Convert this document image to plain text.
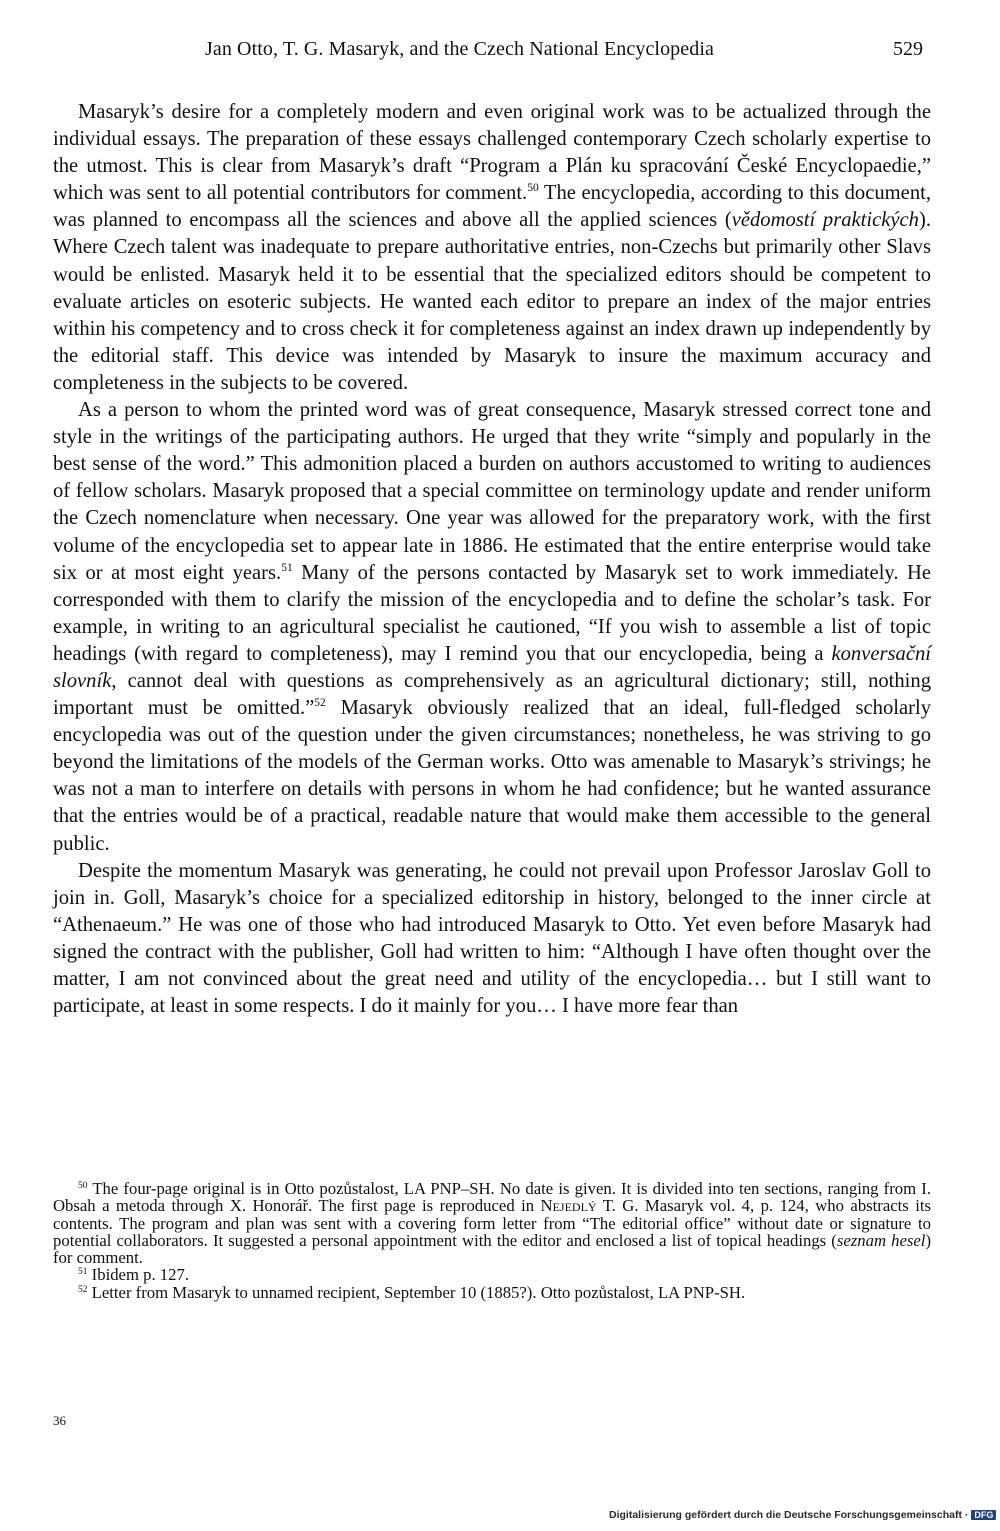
Jan Otto, T. G. Masaryk, and the Czech National Encyclopedia	529

Masaryk’s desire for a completely modern and even original work was to be actualized through the individual essays. The preparation of these essays challenged contemporary Czech scholarly expertise to the utmost. This is clear from Masaryk’s draft “Program a Plán ku spracování České Encyclopaedie,” which was sent to all potential contributors for comment.$^{50}$ The encyclopedia, according to this document, was planned to encompass all the sciences and above all the applied sciences (vědomostí praktických). Where Czech talent was inadequate to prepare authoritative entries, non-Czechs but primarily other Slavs would be enlisted. Masaryk held it to be essential that the specialized editors should be competent to evaluate articles on esoteric subjects. He wanted each editor to prepare an index of the major entries within his competency and to cross check it for completeness against an index drawn up independently by the editorial staff. This device was intended by Masaryk to insure the maximum accuracy and completeness in the subjects to be covered.

As a person to whom the printed word was of great consequence, Masaryk stressed correct tone and style in the writings of the participating authors. He urged that they write “simply and popularly in the best sense of the word.” This admonition placed a burden on authors accustomed to writing to audiences of fellow scholars. Masaryk proposed that a special committee on terminology update and render uniform the Czech nomenclature when necessary. One year was allowed for the preparatory work, with the first volume of the encyclopedia set to appear late in 1886. He estimated that the entire enterprise would take six or at most eight years.$^{51}$ Many of the persons contacted by Masaryk set to work immediately. He corresponded with them to clarify the mission of the encyclopedia and to define the scholar’s task. For example, in writing to an agricultural specialist he cautioned, “If you wish to assemble a list of topic headings (with regard to completeness), may I remind you that our encyclopedia, being a konversační slovník, cannot deal with questions as comprehensively as an agricultural dictionary; still, nothing important must be omitted.”$^{52}$ Masaryk obviously realized that an ideal, full-fledged scholarly encyclopedia was out of the question under the given circumstances; nonetheless, he was striving to go beyond the limitations of the models of the German works. Otto was amenable to Masaryk’s strivings; he was not a man to interfere on details with persons in whom he had confidence; but he wanted assurance that the entries would be of a practical, readable nature that would make them accessible to the general public.

Despite the momentum Masaryk was generating, he could not prevail upon Professor Jaroslav Goll to join in. Goll, Masaryk’s choice for a specialized editorship in history, belonged to the inner circle at “Athenaeum.” He was one of those who had introduced Masaryk to Otto. Yet even before Masaryk had signed the contract with the publisher, Goll had written to him: “Although I have often thought over the matter, I am not convinced about the great need and utility of the encyclopedia… but I still want to participate, at least in some respects. I do it mainly for you… I have more fear than

$^{50}$ The four-page original is in Otto pozůstalost, LA PNP–SH. No date is given. It is divided into ten sections, ranging from I. Obsah a metoda through X. Honorář. The first page is reproduced in Nejedlý T. G. Masaryk vol. 4, p. 124, who abstracts its contents. The program and plan was sent with a covering form letter from “The editorial office” without date or signature to potential collaborators. It suggested a personal appointment with the editor and enclosed a list of topical headings (seznam hesel) for comment.

$^{51}$ Ibidem p. 127.

$^{52}$ Letter from Masaryk to unnamed recipient, September 10 (1885?). Otto pozůstalost, LA PNP-SH.

36
Digitalisierung gefördert durch die Deutsche Forschungsgemeinschaft · DFG
